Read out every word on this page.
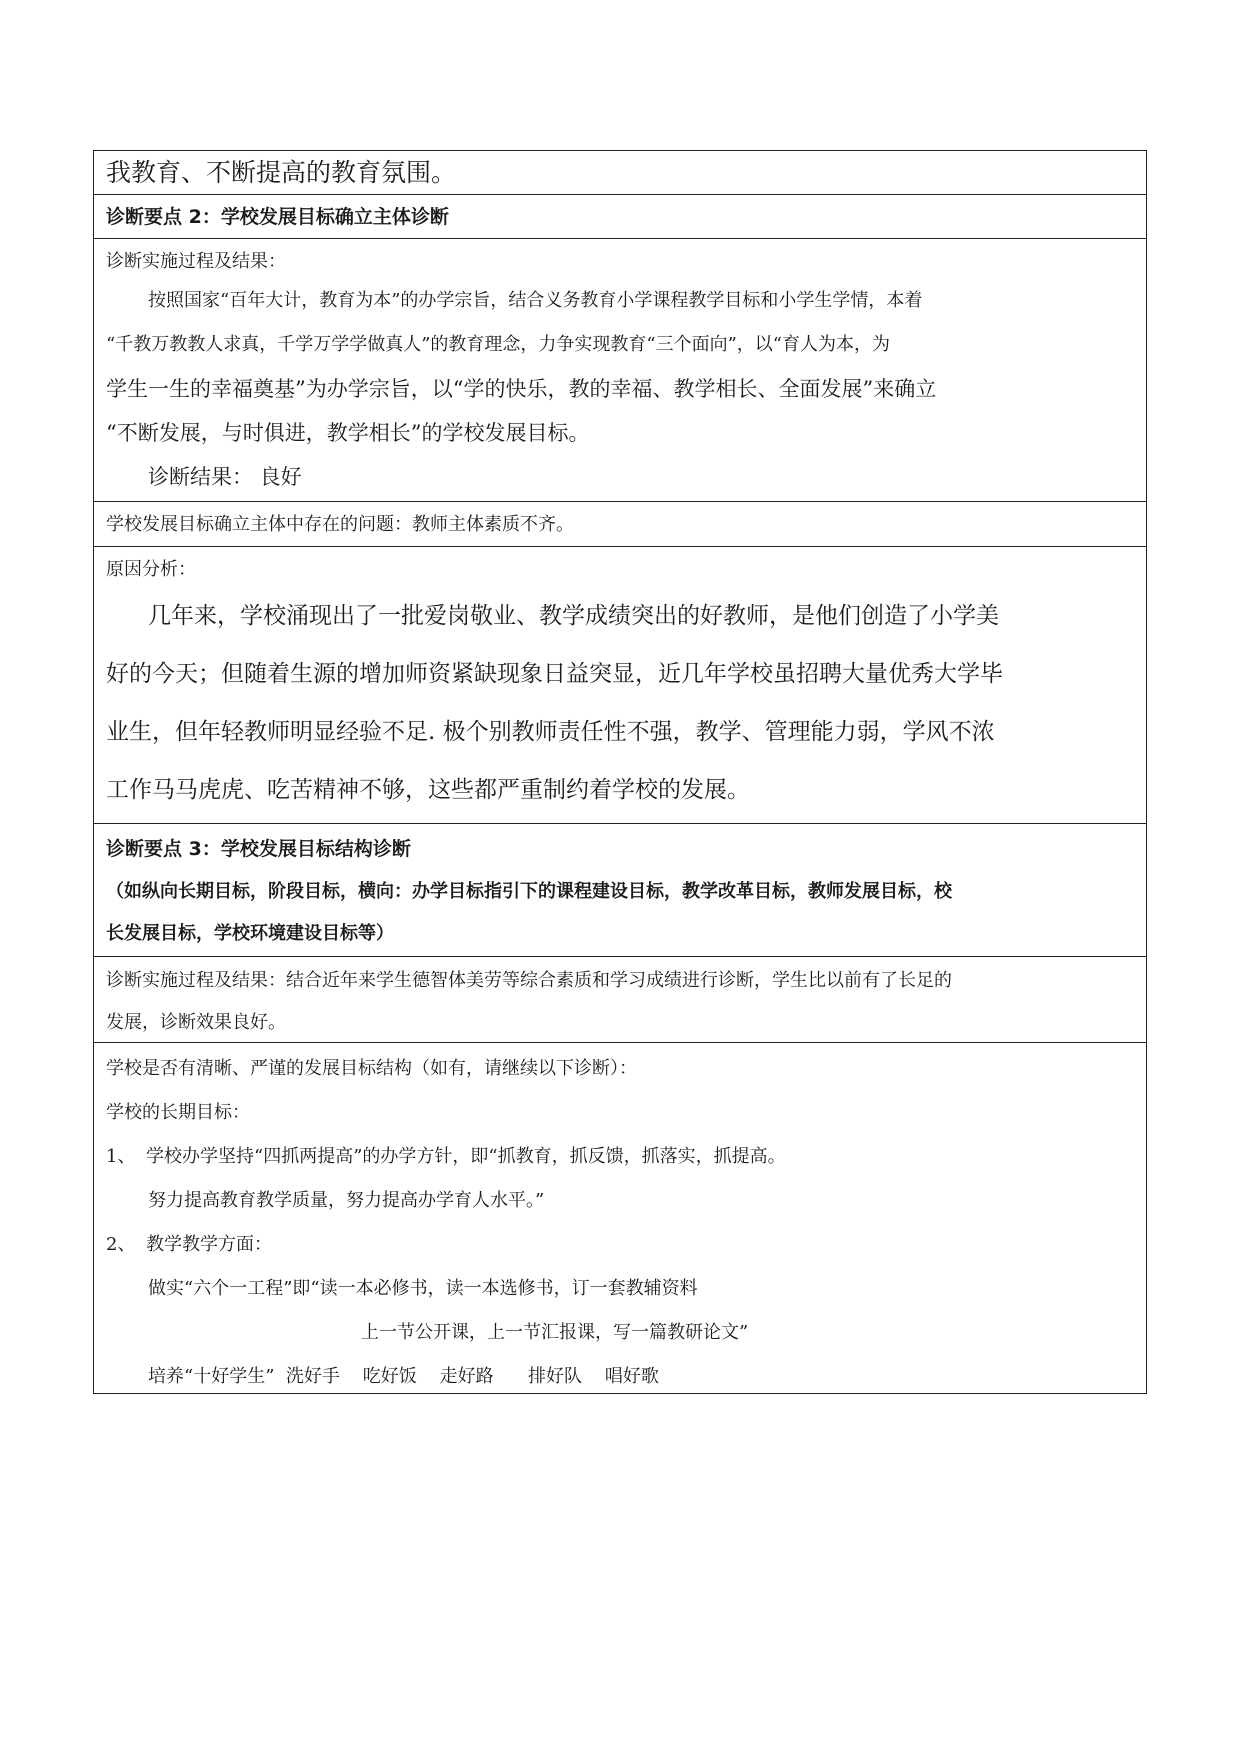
我教育、不断提高的教育氛围。
诊断要点 2：学校发展目标确立主体诊断
诊断实施过程及结果：
按照国家“百年大计，教育为本”的办学宗旨，结合义务教育小学课程教学目标和小学生学情，本着
“千教万教教人求真，千学万学学做真人”的教育理念，力争实现教育“三个面向”，以“育人为本，为
学生一生的幸福奠基”为办学宗旨，以“学的快乐，教的幸福、教学相长、全面发展”来确立
“不断发展，与时俱进，教学相长”的学校发展目标。
诊断结果： 良好
学校发展目标确立主体中存在的问题：教师主体素质不齐。
原因分析：
几年来，学校涌现出了一批爱岗敬业、教学成绩突出的好教师，是他们创造了小学美
好的今天；但随着生源的增加师资紧缺现象日益突显，近几年学校虽招聘大量优秀大学毕
业生，但年轻教师明显经验不足. 极个别教师责任性不强，教学、管理能力弱，学风不浓
工作马马虎虎、吃苦精神不够，这些都严重制约着学校的发展。
诊断要点 3：学校发展目标结构诊断
（如纵向长期目标，阶段目标，横向：办学目标指引下的课程建设目标，教学改革目标，教师发展目标，校
长发展目标，学校环境建设目标等）
诊断实施过程及结果：结合近年来学生德智体美劳等综合素质和学习成绩进行诊断，学生比以前有了长足的
发展，诊断效果良好。
学校是否有清晰、严谨的发展目标结构（如有，请继续以下诊断）：
学校的长期目标：
1、 学校办学坚持“四抓两提高”的办学方针，即“抓教育，抓反馈，抓落实，抓提高。
努力提高教育教学质量，努力提高办学育人水平。”
2、 教学教学方面：
做实“六个一工程”即“读一本必修书，读一本选修书，订一套教辅资料
上一节公开课，上一节汇报课，写一篇教研论文”
培养“十好学生”  洗好手    吃好饭    走好路      排好队    唱好歌
